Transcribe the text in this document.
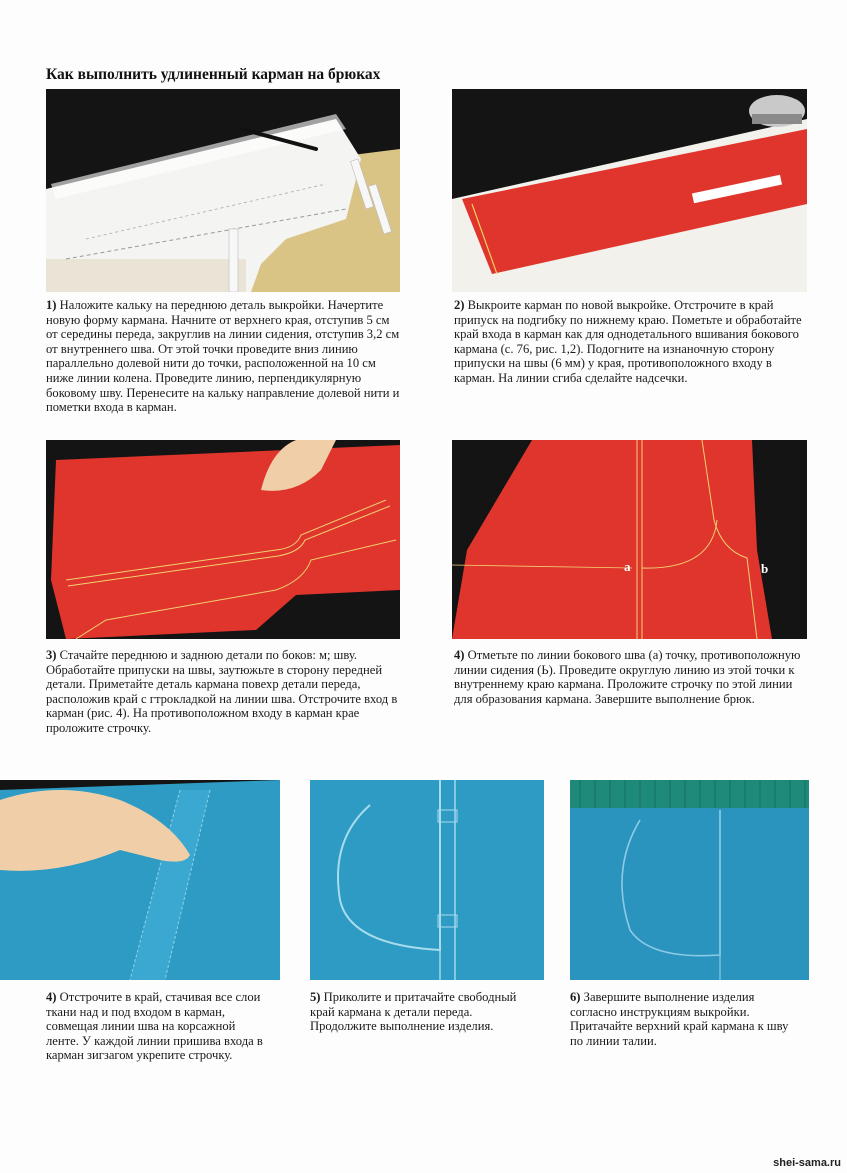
Как выполнить удлиненный карман на брюках

1) Наложите кальку на переднюю деталь выкройки. Начертите новую форму кармана. Начните от верхнего края, отступив 5 см от середины переда, закруглив на линии сидения, отступив 3,2 см от внутреннего шва. От этой точки проведите вниз линию параллельно долевой нити до точки, расположенной на 10 см ниже линии колена. Проведите линию, перпендикулярную боковому шву. Перенесите на кальку направление долевой нити и пометки входа в карман.

2) Выкроите карман по новой выкройке. Отстрочите в край припуск на подгибку по нижнему краю. Пометьте и обработайте край входа в карман как для однодетального вшивания бокового кармана (с. 76, рис. 1,2). Подогните на изнаночную сторону припуски на швы (6 мм) у края, противоположного входу в карман. На линии сгиба сделайте надсечки.

a	b

3) Стачайте переднюю и заднюю детали по боков: м; шву. Обработайте припуски на швы, заутюжьте в сторону передней детали. Приметайте деталь кармана повехр детали переда, расположив край с гтрокладкой на линии шва. Отстрочите вход в карман (рис. 4). На противоположном входу в карман крае проложите строчку.

4) Отметьте по линии бокового шва (а) точку, противоположную линии сидения (Ь). Проведите округлую линию из этой точки к внутреннему краю кармана. Проложите строчку по этой линии для образования кармана. Завершите выполнение брюк.

4) Отстрочите в край, стачивая все слои ткани над и под входом в карман, совмещая линии шва на корсажной ленте. У каждой линии пришива входа в карман зигзагом укрепите строчку.

5) Приколите и притачайте свободный край кармана к детали переда. Продолжите выполнение изделия.

6) Завершите выполнение изделия согласно инструкциям выкройки. Притачайте верхний край кармана к шву по линии талии.

shei-sama.ru
